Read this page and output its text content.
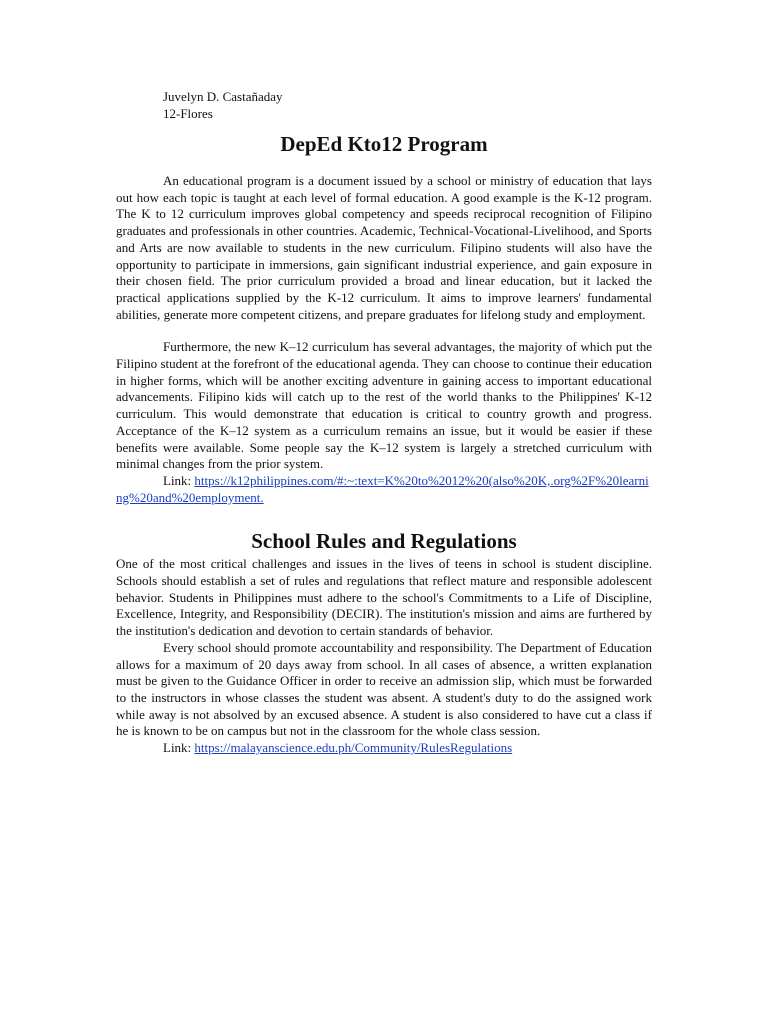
Juvelyn D. Castañaday
12-Flores
DepEd Kto12 Program

An educational program is a document issued by a school or ministry of education that lays out how each topic is taught at each level of formal education. A good example is the K-12 program. The K to 12 curriculum improves global competency and speeds reciprocal recognition of Filipino graduates and professionals in other countries. Academic, Technical-Vocational-Livelihood, and Sports and Arts are now available to students in the new curriculum. Filipino students will also have the opportunity to participate in immersions, gain significant industrial experience, and gain exposure in their chosen field. The prior curriculum provided a broad and linear education, but it lacked the practical applications supplied by the K-12 curriculum. It aims to improve learners' fundamental abilities, generate more competent citizens, and prepare graduates for lifelong study and employment.

Furthermore, the new K–12 curriculum has several advantages, the majority of which put the Filipino student at the forefront of the educational agenda. They can choose to continue their education in higher forms, which will be another exciting adventure in gaining access to important educational advancements. Filipino kids will catch up to the rest of the world thanks to the Philippines' K-12 curriculum. This would demonstrate that education is critical to country growth and progress. Acceptance of the K–12 system as a curriculum remains an issue, but it would be easier if these benefits were available. Some people say the K–12 system is largely a stretched curriculum with minimal changes from the prior system.

Link: https://k12philippines.com/#:~:text=K%20to%2012%20(also%20K,.org%2F%20learning%20and%20employment.

School Rules and Regulations

One of the most critical challenges and issues in the lives of teens in school is student discipline. Schools should establish a set of rules and regulations that reflect mature and responsible adolescent behavior. Students in Philippines must adhere to the school's Commitments to a Life of Discipline, Excellence, Integrity, and Responsibility (DECIR). The institution's mission and aims are furthered by the institution's dedication and devotion to certain standards of behavior.

Every school should promote accountability and responsibility. The Department of Education allows for a maximum of 20 days away from school. In all cases of absence, a written explanation must be given to the Guidance Officer in order to receive an admission slip, which must be forwarded to the instructors in whose classes the student was absent. A student's duty to do the assigned work while away is not absolved by an excused absence. A student is also considered to have cut a class if he is known to be on campus but not in the classroom for the whole class session.

Link: https://malayanscience.edu.ph/Community/RulesRegulations
